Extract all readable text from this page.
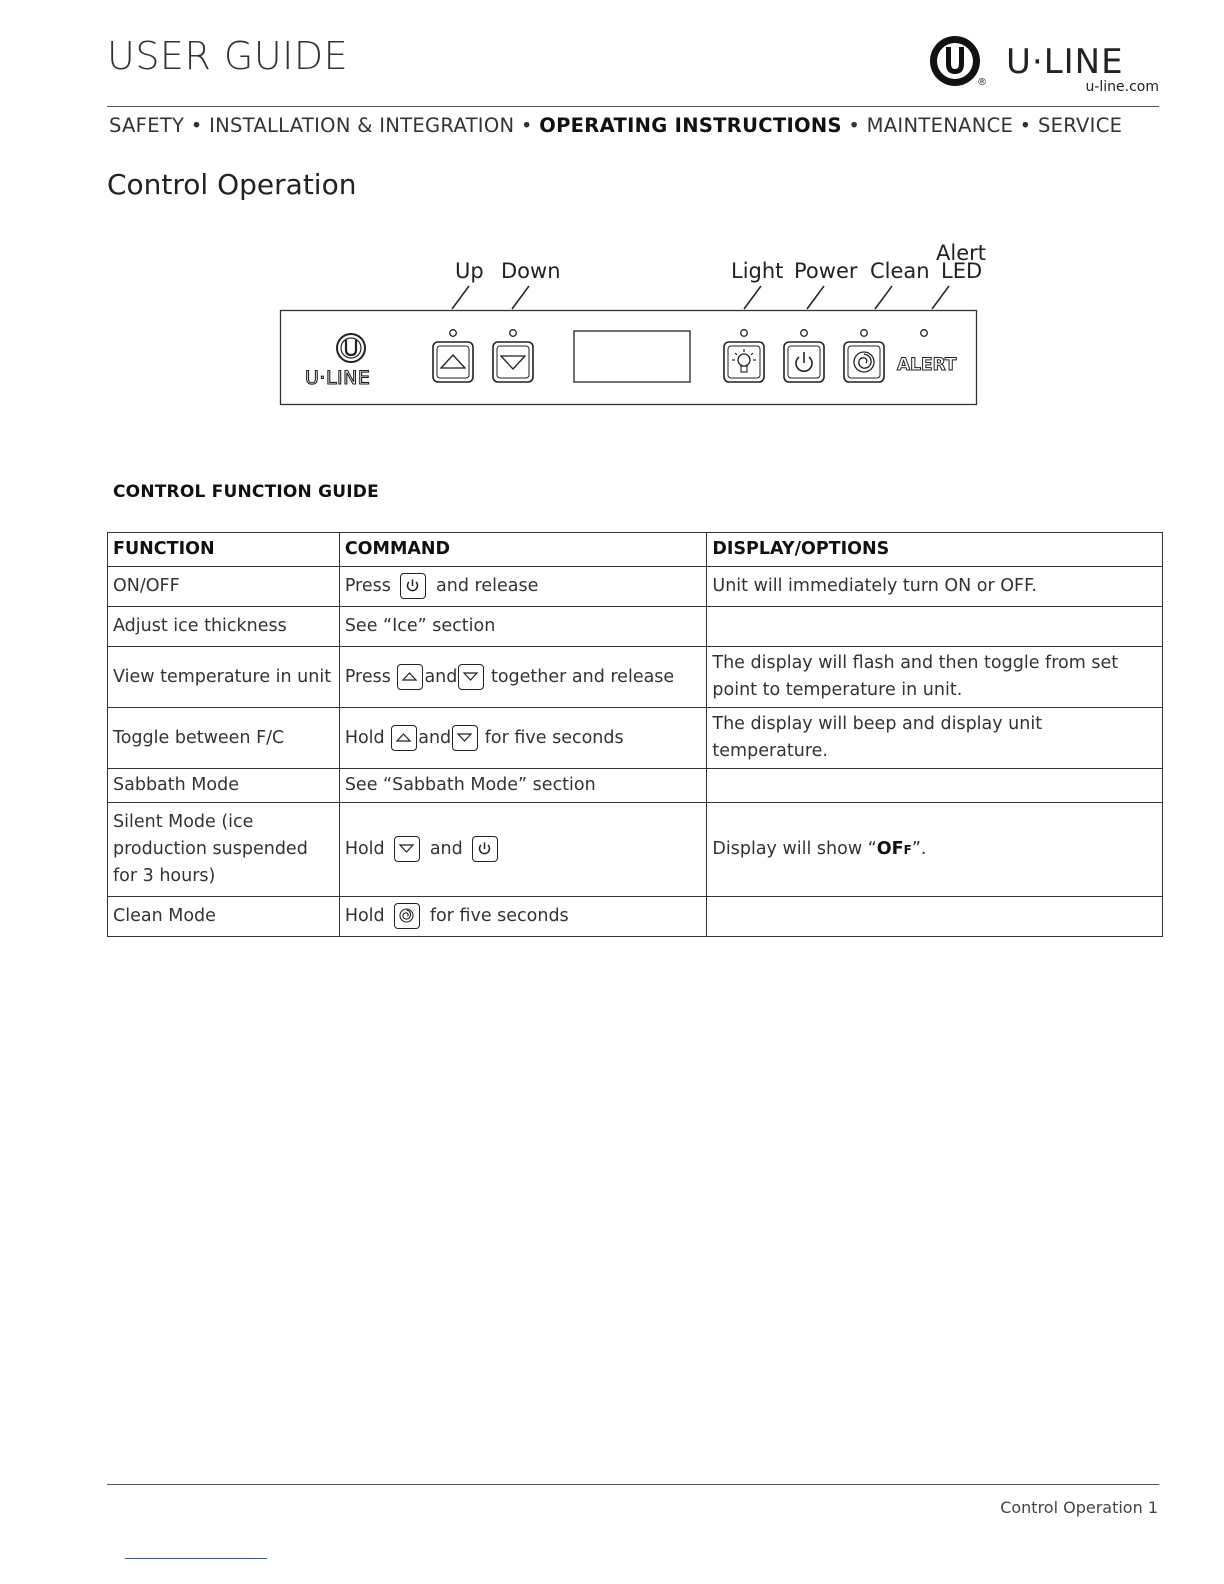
USER GUIDE
®
U·LINE
u-line.com
SAFETY • INSTALLATION & INTEGRATION • OPERATING INSTRUCTIONS • MAINTENANCE • SERVICE
Control Operation
Up Down	Light Power Clean
Alert
LED
U·LINE
ALERT
CONTROL FUNCTION GUIDE
FUNCTION	COMMAND	DISPLAY/OPTIONS
ON/OFF	Press and release	Unit will immediately turn ON or OFF.
Adjust ice thickness	See “Ice” section	
View temperature in unit	Press and together and release	The display will flash and then toggle from set point to temperature in unit.
Toggle between F/C	Hold and for five seconds	The display will beep and display unit temperature.
Sabbath Mode	See “Sabbath Mode” section	
Silent Mode (ice production suspended for 3 hours)	Hold and	Display will show “OFF”.
Clean Mode	Hold for five seconds	
Control Operation 1
